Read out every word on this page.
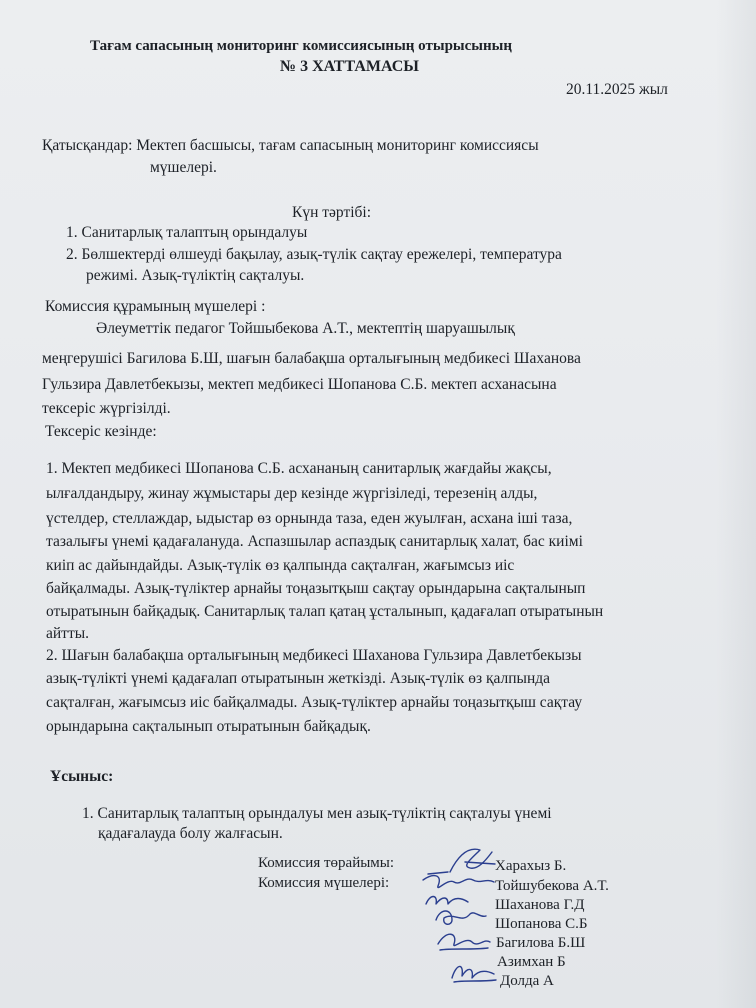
Тағам сапасының мониторинг комиссиясының отырысының
№ 3 ХАТТАМАСЫ
20.11.2025 жыл
Қатысқандар: Мектеп басшысы, тағам сапасының мониторинг комиссиясы
мүшелері.
Күн тәртібі:
1. Санитарлық талаптың орындалуы
2. Бөлшектерді өлшеуді бақылау, азық-түлік сақтау ережелері, температура
режимі. Азық-түліктің сақталуы.
Комиссия құрамының мүшелері :
Әлеуметтік педагог Тойшыбекова А.Т., мектептің шаруашылық
меңгерушісі Багилова Б.Ш, шағын балабақша орталығының медбикесі Шаханова
Гульзира Давлетбекызы, мектеп медбикесі Шопанова С.Б. мектеп асханасына
тексеріс жүргізілді.
Тексеріс кезінде:
1. Мектеп медбикесі Шопанова С.Б. асхананың санитарлық жағдайы жақсы,
ылғалдандыру, жинау жұмыстары дер кезінде жүргізіледі, терезенің алды,
үстелдер, стеллаждар, ыдыстар өз орнында таза, еден жуылған, асхана іші таза,
тазалығы үнемі қадағалануда. Аспазшылар аспаздық санитарлық халат, бас киімі
киіп ас дайындайды. Азық-түлік өз қалпында сақталған, жағымсыз иіс
байқалмады. Азық-түліктер арнайы тоңазытқыш сақтау орындарына сақталынып
отыратынын байқадық. Санитарлық талап қатаң ұсталынып, қадағалап отыратынын
айтты.
2. Шағын балабақша орталығының медбикесі Шаханова Гульзира Давлетбекызы
азық-түлікті үнемі қадағалап отыратынын жеткізді. Азық-түлік өз қалпында
сақталған, жағымсыз иіс байқалмады. Азық-түліктер арнайы тоңазытқыш сақтау
орындарына сақталынып отыратынын байқадық.
Ұсыныс:
1. Санитарлық талаптың орындалуы мен азық-түліктің сақталуы үнемі
қадағалауда болу жалғасын.
Комиссия төрайымы:
Комиссия мүшелері:
Харахыз Б.
Тойшубекова А.Т.
Шаханова Г.Д
Шопанова С.Б
Багилова Б.Ш
Азимхан Б
Долда А
